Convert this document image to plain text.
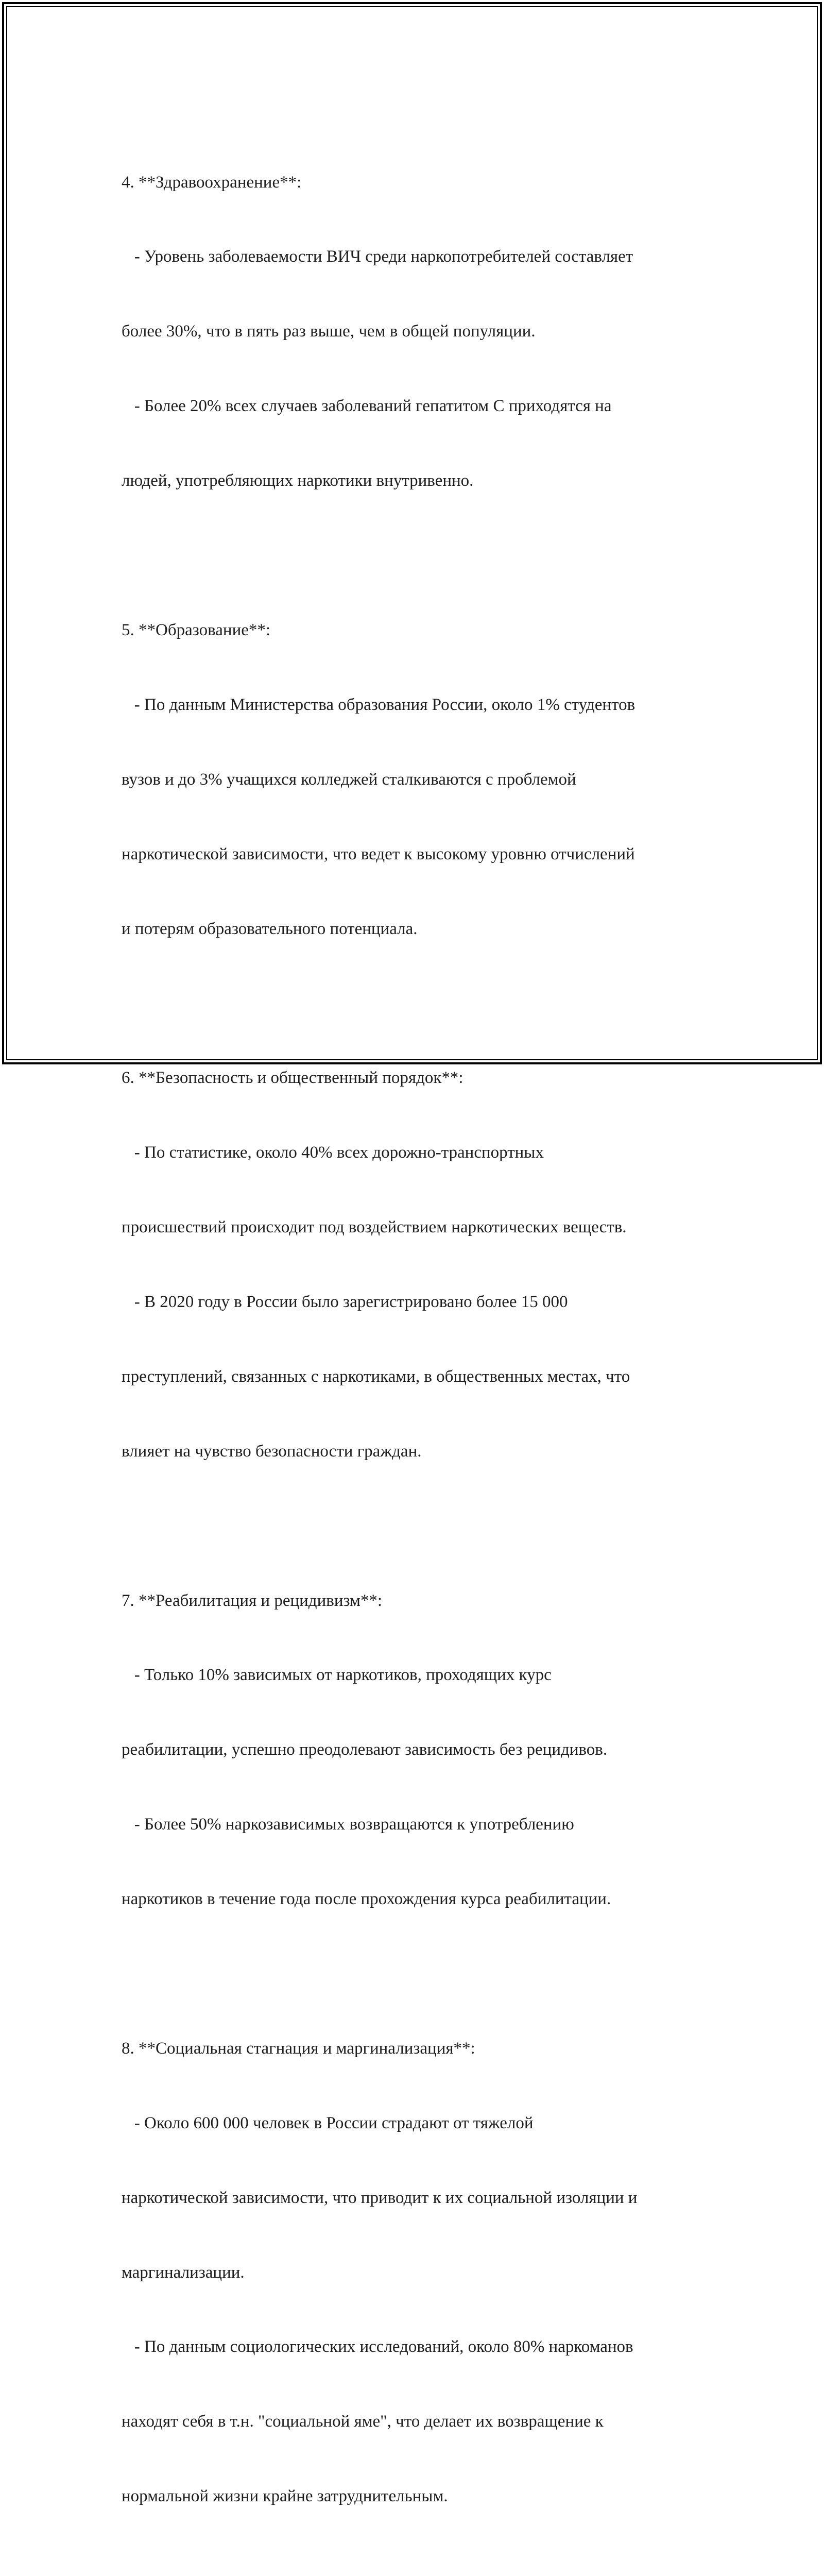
4. **Здравоохранение**:

- Уровень заболеваемости ВИЧ среди наркопотребителей составляет

более 30%, что в пять раз выше, чем в общей популяции.

- Более 20% всех случаев заболеваний гепатитом С приходятся на

людей, употребляющих наркотики внутривенно.

5. **Образование**:

- По данным Министерства образования России, около 1% студентов

вузов и до 3% учащихся колледжей сталкиваются с проблемой

наркотической зависимости, что ведет к высокому уровню отчислений

и потерям образовательного потенциала.

6. **Безопасность и общественный порядок**:

- По статистике, около 40% всех дорожно-транспортных

происшествий происходит под воздействием наркотических веществ.

- В 2020 году в России было зарегистрировано более 15 000

преступлений, связанных с наркотиками, в общественных местах, что

влияет на чувство безопасности граждан.

7. **Реабилитация и рецидивизм**:

- Только 10% зависимых от наркотиков, проходящих курс

реабилитации, успешно преодолевают зависимость без рецидивов.

- Более 50% наркозависимых возвращаются к употреблению

наркотиков в течение года после прохождения курса реабилитации.

8. **Социальная стагнация и маргинализация**:

- Около 600 000 человек в России страдают от тяжелой

наркотической зависимости, что приводит к их социальной изоляции и

маргинализации.

- По данным социологических исследований, около 80% наркоманов

находят себя в т.н. "социальной яме", что делает их возвращение к

нормальной жизни крайне затруднительным.
